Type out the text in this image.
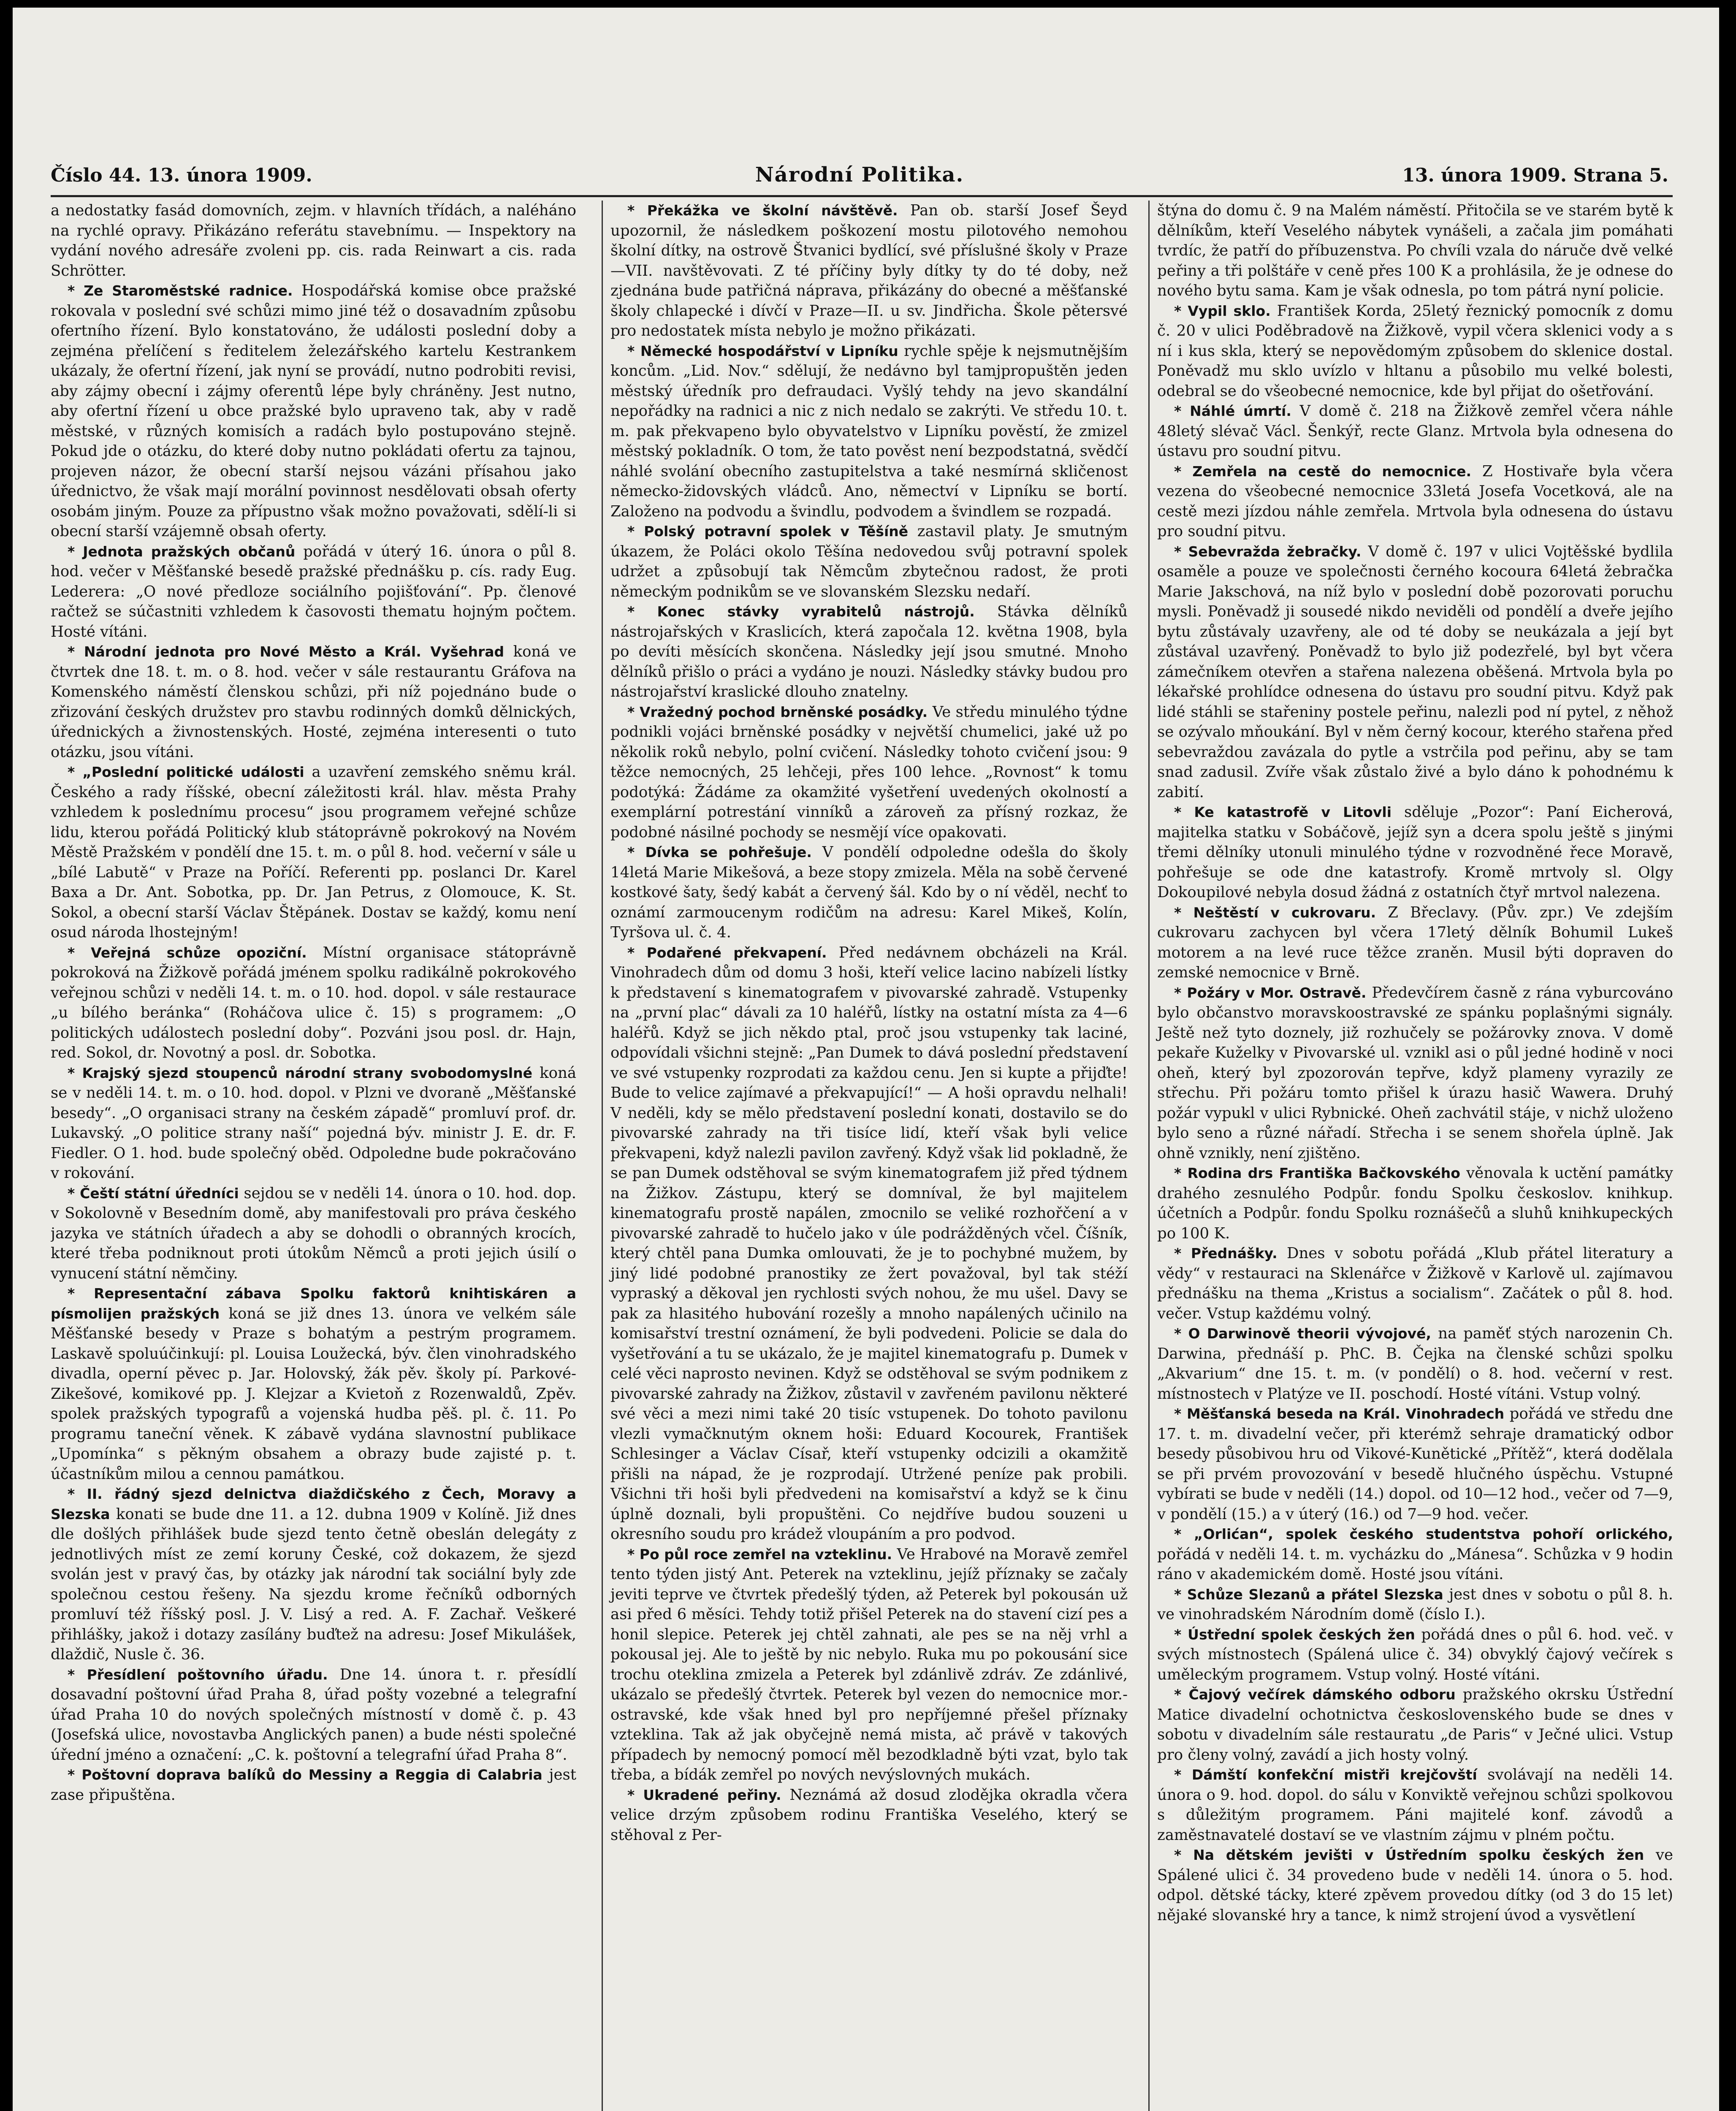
Číslo 44. 13. února 1909.	Národní Politika.	13. února 1909. Strana 5.

a nedostatky fasád domovních, zejm. v hlavních třídách, a naléháno na rychlé opravy. Přikázáno referátu stavebnímu. — Inspektory na vydání nového adresáře zvoleni pp. cis. rada Reinwart a cis. rada Schrötter.

* Ze Staroměstské radnice. Hospodářská komise obce pražské rokovala v poslední své schůzi mimo jiné též o dosavadním způsobu ofertního řízení. Bylo konstatováno, že události poslední doby a zejména přelíčení s ředitelem železářského kartelu Kestrankem ukázaly, že ofertní řízení, jak nyní se provádí, nutno podrobiti revisi, aby zájmy obecní i zájmy oferentů lépe byly chráněny. Jest nutno, aby ofertní řízení u obce pražské bylo upraveno tak, aby v radě městské, v různých komisích a radách bylo postupováno stejně. Pokud jde o otázku, do které doby nutno pokládati ofertu za tajnou, projeven názor, že obecní starší nejsou vázáni přísahou jako úřednictvo, že však mají morální povinnost nesdělovati obsah oferty osobám jiným. Pouze za přípustno však možno považovati, sdělí-li si obecní starší vzájemně obsah oferty.

* Jednota pražských občanů pořádá v úterý 16. února o půl 8. hod. večer v Měšťanské besedě pražské přednášku p. cís. rady Eug. Lederera: „O nové předloze sociálního pojišťování“. Pp. členové račtež se súčastniti vzhledem k časovosti thematu hojným počtem. Hosté vítáni.

* Národní jednota pro Nové Město a Král. Vyšehrad koná ve čtvrtek dne 18. t. m. o 8. hod. večer v sále restaurantu Gráfova na Komenského náměstí členskou schůzi, při níž pojednáno bude o zřizování českých družstev pro stavbu rodinných domků dělnických, úřednických a živnostenských. Hosté, zejména interesenti o tuto otázku, jsou vítáni.

* „Poslední politické události a uzavření zemského sněmu král. Českého a rady říšské, obecní záležitosti král. hlav. města Prahy vzhledem k poslednímu procesu“ jsou programem veřejné schůze lidu, kterou pořádá Politický klub státoprávně pokrokový na Novém Městě Pražském v pondělí dne 15. t. m. o půl 8. hod. večerní v sále u „bílé Labutě“ v Praze na Poříčí. Referenti pp. poslanci Dr. Karel Baxa a Dr. Ant. Sobotka, pp. Dr. Jan Petrus, z Olomouce, K. St. Sokol, a obecní starší Václav Štěpánek. Dostav se každý, komu není osud národa lhostejným!

* Veřejná schůze opoziční. Místní organisace státoprávně pokroková na Žižkově pořádá jménem spolku radikálně pokrokového veřejnou schůzi v neděli 14. t. m. o 10. hod. dopol. v sále restaurace „u bílého beránka“ (Roháčova ulice č. 15) s programem: „O politických událostech poslední doby“. Pozváni jsou posl. dr. Hajn, red. Sokol, dr. Novotný a posl. dr. Sobotka.

* Krajský sjezd stoupenců národní strany svobodomyslné koná se v neděli 14. t. m. o 10. hod. dopol. v Plzni ve dvoraně „Měšťanské besedy“. „O organisaci strany na českém západě“ promluví prof. dr. Lukavský. „O politice strany naší“ pojedná býv. ministr J. E. dr. F. Fiedler. O 1. hod. bude společný oběd. Odpoledne bude pokračováno v rokování.

* Čeští státní úředníci sejdou se v neděli 14. února o 10. hod. dop. v Sokolovně v Besedním domě, aby manifestovali pro práva českého jazyka ve státních úřadech a aby se dohodli o obranných krocích, které třeba podniknout proti útokům Němců a proti jejich úsilí o vynucení státní němčiny.

* Representační zábava Spolku faktorů knihtiskáren a písmolijen pražských koná se již dnes 13. února ve velkém sále Měšťanské besedy v Praze s bohatým a pestrým programem. Laskavě spoluúčinkují: pl. Louisa Loužecká, býv. člen vinohradského divadla, operní pěvec p. Jar. Holovský, žák pěv. školy pí. Parkové-Zikešové, komikové pp. J. Klejzar a Kvietoň z Rozenwaldů, Zpěv. spolek pražských typografů a vojenská hudba pěš. pl. č. 11. Po programu taneční věnek. K zábavě vydána slavnostní publikace „Upomínka“ s pěkným obsahem a obrazy bude zajisté p. t. účastníkům milou a cennou památkou.

* II. řádný sjezd delnictva diaždičského z Čech, Moravy a Slezska konati se bude dne 11. a 12. dubna 1909 v Kolíně. Již dnes dle došlých přihlášek bude sjezd tento četně obeslán delegáty z jednotlivých míst ze zemí koruny České, což dokazem, že sjezd svolán jest v pravý čas, by otázky jak národní tak sociální byly zde společnou cestou řešeny. Na sjezdu krome řečníků odborných promluví též říšský posl. J. V. Lisý a red. A. F. Zachař. Veškeré přihlášky, jakož i dotazy zasílány buďtež na adresu: Josef Mikulášek, dlaždič, Nusle č. 36.

* Přesídlení poštovního úřadu. Dne 14. února t. r. přesídlí dosavadní poštovní úřad Praha 8, úřad pošty vozebné a telegrafní úřad Praha 10 do nových společných místností v domě č. p. 43 (Josefská ulice, novostavba Anglických panen) a bude nésti společné úřední jméno a označení: „C. k. poštovní a telegrafní úřad Praha 8“.

* Poštovní doprava balíků do Messiny a Reggia di Calabria jest zase připuštěna.

* Překážka ve školní návštěvě. Pan ob. starší Josef Šeyd upozornil, že následkem poškození mostu pilotového nemohou školní dítky, na ostrově Štvanici bydlící, své příslušné školy v Praze—VII. navštěvovati. Z té příčiny byly dítky ty do té doby, než zjednána bude patřičná náprava, přikázány do obecné a měšťanské školy chlapecké i dívčí v Praze—II. u sv. Jindřicha. Škole pětersvé pro nedostatek místa nebylo je možno přikázati.

* Německé hospodářství v Lipníku rychle spěje k nejsmutnějším koncům. „Lid. Nov.“ sdělují, že nedávno byl tamjpropuštěn jeden městský úředník pro defraudaci. Vyšlý tehdy na jevo skandální nepořádky na radnici a nic z nich nedalo se zakrýti. Ve středu 10. t. m. pak překvapeno bylo obyvatelstvo v Lipníku pověstí, že zmizel městský pokladník. O tom, že tato pověst není bezpodstatná, svědčí náhlé svolání obecního zastupitelstva a také nesmírná skličenost německo-židovských vládců. Ano, němectví v Lipníku se bortí. Založeno na podvodu a švindlu, podvodem a švindlem se rozpadá.

* Polský potravní spolek v Těšíně zastavil platy. Je smutným úkazem, že Poláci okolo Těšína nedovedou svůj potravní spolek udržet a způsobují tak Němcům zbytečnou radost, že proti německým podnikům se ve slovanském Slezsku nedaří.

* Konec stávky vyrabitelů nástrojů. Stávka dělníků nástrojařských v Kraslicích, která započala 12. května 1908, byla po devíti měsících skončena. Následky její jsou smutné. Mnoho dělníků přišlo o práci a vydáno je nouzi. Následky stávky budou pro nástrojařství kraslické dlouho znatelny.

* Vražedný pochod brněnské posádky. Ve středu minulého týdne podnikli vojáci brněnské posádky v největší chumelici, jaké už po několik roků nebylo, polní cvičení. Následky tohoto cvičení jsou: 9 těžce nemocných, 25 lehčeji, přes 100 lehce. „Rovnost“ k tomu podotýká: Žádáme za okamžité vyšetření uvedených okolností a exemplární potrestání vinníků a zároveň za přísný rozkaz, že podobné násilné pochody se nesmějí více opakovati.

* Dívka se pohřešuje. V pondělí odpoledne odešla do školy 14letá Marie Mikešová, a beze stopy zmizela. Měla na sobě červené kostkové šaty, šedý kabát a červený šál. Kdo by o ní věděl, nechť to oznámí zarmoucenym rodičům na adresu: Karel Mikeš, Kolín, Tyršova ul. č. 4.

* Podařené překvapení. Před nedávnem obcházeli na Král. Vinohradech dům od domu 3 hoši, kteří velice lacino nabízeli lístky k představení s kinematografem v pivovarské zahradě. Vstupenky na „první plac“ dávali za 10 haléřů, lístky na ostatní místa za 4—6 haléřů. Když se jich někdo ptal, proč jsou vstupenky tak laciné, odpovídali všichni stejně: „Pan Dumek to dává poslední představení ve své vstupenky rozprodati za každou cenu. Jen si kupte a přijďte! Bude to velice zajímavé a překvapující!“ — A hoši opravdu nelhali! V neděli, kdy se mělo představení poslední konati, dostavilo se do pivovarské zahrady na tři tisíce lidí, kteří však byli velice překvapeni, když nalezli pavilon zavřený. Když však lid pokladně, že se pan Dumek odstěhoval se svým kinematografem již před týdnem na Žižkov. Zástupu, který se domníval, že byl majitelem kinematografu prostě napálen, zmocnilo se veliké rozhořčení a v pivovarské zahradě to hučelo jako v úle podrážděných včel. Číšník, který chtěl pana Dumka omlouvati, že je to pochybné mužem, by jiný lidé podobné pranostiky ze žert považoval, byl tak stéží vypraský a děkoval jen rychlosti svých nohou, že mu ušel. Davy se pak za hlasitého hubování rozešly a mnoho napálených učinilo na komisařství trestní oznámení, že byli podvedeni. Policie se dala do vyšetřování a tu se ukázalo, že je majitel kinematografu p. Dumek v celé věci naprosto nevinen. Když se odstěhoval se svým podnikem z pivovarské zahrady na Žižkov, zůstavil v zavřeném pavilonu některé své věci a mezi nimi také 20 tisíc vstupenek. Do tohoto pavilonu vlezli vymačknutým oknem hoši: Eduard Kocourek, František Schlesinger a Václav Císař, kteří vstupenky odcizili a okamžitě přišli na nápad, že je rozprodají. Utržené peníze pak probili. Všichni tři hoši byli předvedeni na komisařství a když se k činu úplně doznali, byli propuštěni. Co nejdříve budou souzeni u okresního soudu pro krádež vloupáním a pro podvod.

* Po půl roce zemřel na vzteklinu. Ve Hrabové na Moravě zemřel tento týden jistý Ant. Peterek na vzteklinu, jejíž příznaky se začaly jeviti teprve ve čtvrtek předešlý týden, až Peterek byl pokousán už asi před 6 měsíci. Tehdy totiž přišel Peterek na do stavení cizí pes a honil slepice. Peterek jej chtěl zahnati, ale pes se na něj vrhl a pokousal jej. Ale to ještě by nic nebylo. Ruka mu po pokousání sice trochu oteklina zmizela a Peterek byl zdánlivě zdráv. Ze zdánlivé, ukázalo se předešlý čtvrtek. Peterek byl vezen do nemocnice mor.-ostravské, kde však hned byl pro nepříjemné přešel příznaky vzteklina. Tak až jak obyčejně nemá mista, ač právě v takových případech by nemocný pomocí měl bezodkladně býti vzat, bylo tak třeba, a bídák zemřel po nových nevýslovných mukách.

* Ukradené peřiny. Neznámá až dosud zlodějka okradla včera velice drzým způsobem rodinu Františka Veselého, který se stěhoval z Per-

štýna do domu č. 9 na Malém náměstí. Přitočila se ve starém bytě k dělníkům, kteří Veselého nábytek vynášeli, a začala jim pomáhati tvrdíc, že patří do příbuzenstva. Po chvíli vzala do náruče dvě velké peřiny a tři polštáře v ceně přes 100 K a prohlásila, že je odnese do nového bytu sama. Kam je však odnesla, po tom pátrá nyní policie.

* Vypil sklo. František Korda, 25letý řeznický pomocník z domu č. 20 v ulici Poděbradově na Žižkově, vypil včera sklenici vody a s ní i kus skla, který se nepovědomým způsobem do sklenice dostal. Poněvadž mu sklo uvízlo v hltanu a působilo mu velké bolesti, odebral se do všeobecné nemocnice, kde byl přijat do ošetřování.

* Náhlé úmrtí. V domě č. 218 na Žižkově zemřel včera náhle 48letý slévač Václ. Šenkýř, recte Glanz. Mrtvola byla odnesena do ústavu pro soudní pitvu.

* Zemřela na cestě do nemocnice. Z Hostivaře byla včera vezena do všeobecné nemocnice 33letá Josefa Vocetková, ale na cestě mezi jízdou náhle zemřela. Mrtvola byla odnesena do ústavu pro soudní pitvu.

* Sebevražda žebračky. V domě č. 197 v ulici Vojtěšské bydlila osaměle a pouze ve společnosti černého kocoura 64letá žebračka Marie Jakschová, na níž bylo v poslední době pozorovati poruchu mysli. Poněvadž ji sousedé nikdo neviděli od pondělí a dveře jejího bytu zůstávaly uzavřeny, ale od té doby se neukázala a její byt zůstával uzavřený. Poněvadž to bylo již podezřelé, byl byt včera zámečníkem otevřen a stařena nalezena oběšená. Mrtvola byla po lékařské prohlídce odnesena do ústavu pro soudní pitvu. Když pak lidé stáhli se stařeniny postele peřinu, nalezli pod ní pytel, z něhož se ozývalo mňoukání. Byl v něm černý kocour, kterého stařena před sebevraždou zavázala do pytle a vstrčila pod peřinu, aby se tam snad zadusil. Zvíře však zůstalo živé a bylo dáno k pohodnému k zabití.

* Ke katastrofě v Litovli sděluje „Pozor“: Paní Eicherová, majitelka statku v Sobáčově, jejíž syn a dcera spolu ještě s jinými třemi dělníky utonuli minulého týdne v rozvodněné řece Moravě, pohřešuje se ode dne katastrofy. Kromě mrtvoly sl. Olgy Dokoupilové nebyla dosud žádná z ostatních čtyř mrtvol nalezena.

* Neštěstí v cukrovaru. Z Břeclavy. (Pův. zpr.) Ve zdejším cukrovaru zachycen byl včera 17letý dělník Bohumil Lukeš motorem a na levé ruce těžce zraněn. Musil býti dopraven do zemské nemocnice v Brně.

* Požáry v Mor. Ostravě. Předevčírem časně z rána vyburcováno bylo občanstvo moravskoostravské ze spánku poplašnými signály. Ještě než tyto doznely, již rozhučely se požárovky znova. V domě pekaře Kuželky v Pivovarské ul. vznikl asi o půl jedné hodině v noci oheň, který byl zpozorován tepřve, když plameny vyrazily ze střechu. Při požáru tomto přišel k úrazu hasič Wawera. Druhý požár vypukl v ulici Rybnické. Oheň zachvátil stáje, v nichž uloženo bylo seno a různé nářadí. Střecha i se senem shořela úplně. Jak ohně vznikly, není zjištěno.

* Rodina drs Františka Bačkovského věnovala k uctění památky drahého zesnulého Podpůr. fondu Spolku českoslov. knihkup. účetních a Podpůr. fondu Spolku roznášečů a sluhů knihkupeckých po 100 K.

* Přednášky. Dnes v sobotu pořádá „Klub přátel literatury a vědy“ v restauraci na Sklenářce v Žižkově v Karlově ul. zajímavou přednášku na thema „Kristus a socialism“. Začátek o půl 8. hod. večer. Vstup každému volný.

* O Darwinově theorii vývojové, na paměť stých narozenin Ch. Darwina, přednáší p. PhC. B. Čejka na členské schůzi spolku „Akvarium“ dne 15. t. m. (v pondělí) o 8. hod. večerní v rest. místnostech v Platýze ve II. poschodí. Hosté vítáni. Vstup volný.

* Měšťanská beseda na Král. Vinohradech pořádá ve středu dne 17. t. m. divadelní večer, při kterémž sehraje dramatický odbor besedy působivou hru od Vikové-Kunětické „Přítěž“, která dodělala se při prvém provozování v besedě hlučného úspěchu. Vstupné vybírati se bude v neděli (14.) dopol. od 10—12 hod., večer od 7—9, v pondělí (15.) a v úterý (16.) od 7—9 hod. večer.

* „Orlićan“, spolek českého studentstva pohoří orlického, pořádá v neděli 14. t. m. vycházku do „Mánesa“. Schůzka v 9 hodin ráno v akademickém domě. Hosté jsou vítáni.

* Schůze Slezanů a přátel Slezska jest dnes v sobotu o půl 8. h. ve vinohradském Národním domě (číslo I.).

* Ústřední spolek českých žen pořádá dnes o půl 6. hod. več. v svých místnostech (Spálená ulice č. 34) obvyklý čajový večírek s uměleckým programem. Vstup volný. Hosté vítáni.

* Čajový večírek dámského odboru pražského okrsku Ústřední Matice divadelní ochotnictva československého bude se dnes v sobotu v divadelním sále restauratu „de Paris“ v Ječné ulici. Vstup pro členy volný, zavádí a jich hosty volný.

* Dámští konfekční mistři krejčovští svolávají na neděli 14. února o 9. hod. dopol. do sálu v Konviktě veřejnou schůzi spolkovou s důležitým programem. Páni majitelé konf. závodů a zaměstnavatelé dostaví se ve vlastním zájmu v plném počtu.

* Na dětském jevišti v Ústředním spolku českých žen ve Spálené ulici č. 34 provedeno bude v neděli 14. února o 5. hod. odpol. dětské tácky, které zpěvem provedou dítky (od 3 do 15 let) nějaké slovanské hry a tance, k nimž strojení úvod a vysvětlení
